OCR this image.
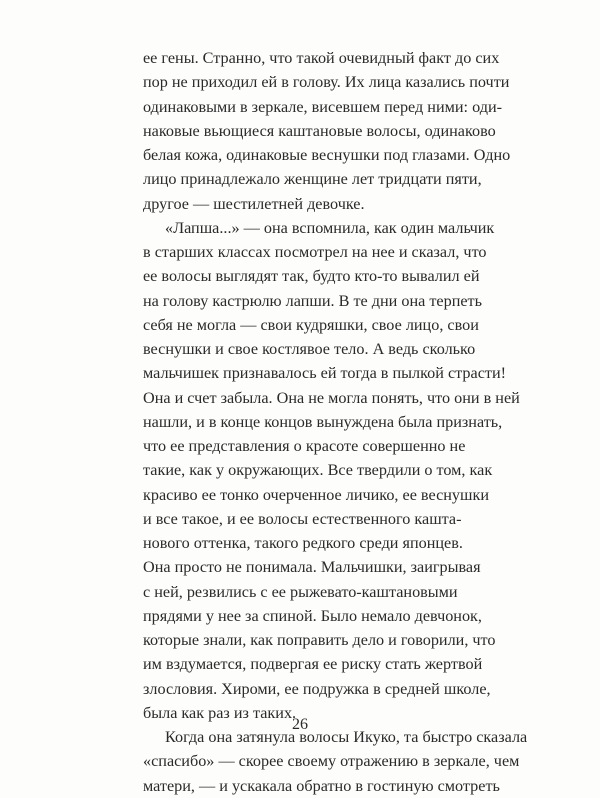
ее гены. Странно, что такой очевидный факт до сих
пор не приходил ей в голову. Их лица казались почти
одинаковыми в зеркале, висевшем перед ними: оди-
наковые вьющиеся каштановые волосы, одинаково
белая кожа, одинаковые веснушки под глазами. Одно
лицо принадлежало женщине лет тридцати пяти,
другое — шестилетней девочке.
«Лапша...» — она вспомнила, как один мальчик
в старших классах посмотрел на нее и сказал, что
ее волосы выглядят так, будто кто-то вывалил ей
на голову кастрюлю лапши. В те дни она терпеть
себя не могла — свои кудряшки, свое лицо, свои
веснушки и свое костлявое тело. А ведь сколько
мальчишек признавалось ей тогда в пылкой страсти!
Она и счет забыла. Она не могла понять, что они в ней
нашли, и в конце концов вынуждена была признать,
что ее представления о красоте совершенно не
такие, как у окружающих. Все твердили о том, как
красиво ее тонко очерченное личико, ее веснушки
и все такое, и ее волосы естественного кашта-
нового оттенка, такого редкого среди японцев.
Она просто не понимала. Мальчишки, заигрывая
с ней, резвились с ее рыжевато-каштановыми
прядями у нее за спиной. Было немало девчонок,
которые знали, как поправить дело и говорили, что
им вздумается, подвергая ее риску стать жертвой
злословия. Хироми, ее подружка в средней школе,
была как раз из таких.
Когда она затянула волосы Икуко, та быстро сказала
«спасибо» — скорее своему отражению в зеркале, чем
матери, — и ускакала обратно в гостиную смотреть
26
